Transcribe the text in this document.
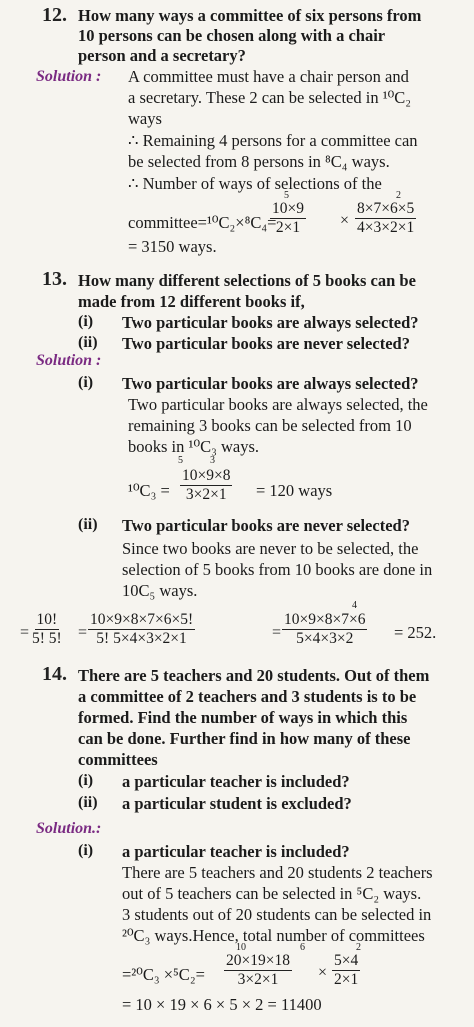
12. How many ways a committee of six persons from
10 persons can be chosen along with a chair
person and a secretary?
Solution : A committee must have a chair person and
a secretary. These 2 can be selected in ¹⁰C₂
ways
∴ Remaining 4 persons for a committee can
be selected from 8 persons in ⁸C₄ ways.
∴ Number of ways of selections of the
5	2
committee=¹⁰C₂×⁸C₄=
$\frac{10\times 9}{2\times 1} \times \frac{8\times 7\times 6\times 5}{4\times 3\times 2\times 1}$
= 3150 ways.
13. How many different selections of 5 books can be
made from 12 different books if,
(i) Two particular books are always selected?
(ii) Two particular books are never selected?
Solution :
(i) Two particular books are always selected?
Two particular books are always selected, the
remaining 3 books can be selected from 10
books in ¹⁰C₃ ways.
5	3
$^{10}C_3 = \frac{10\times 9\times 8}{3\times 2\times 1} = 120$ ways
(ii) Two particular books are never selected?
Since two books are never to be selected, the
selection of 5 books from 10 books are done in
10C₅ ways.
4
= $\frac{10!}{5! 5!} = \frac{10\times 9\times 8\times 7\times 6\times 5!}{5! 5\times 4\times 3\times 2\times 1}$	= $\frac{10\times 9\times 8\times 7\times 6}{5\times 4\times 3\times 2} = 252$.
14. There are 5 teachers and 20 students. Out of them
a committee of 2 teachers and 3 students is to be
formed. Find the number of ways in which this
can be done. Further find in how many of these
committees
(i) a particular teacher is included?
(ii) a particular student is excluded?
Solution.:
(i) a particular teacher is included?
There are 5 teachers and 20 students 2 teachers
out of 5 teachers can be selected in ⁵C₂ ways.
3 students out of 20 students can be selected in
²⁰C₃ ways.Hence, total number of committees
10	6	2
$=^{20}C_3 \times^5C_2= \frac{20\times 19\times 18}{3\times 2\times 1} \times \frac{5\times 4}{2\times 1}$
= 10 × 19 × 6 × 5 × 2 = 11400
